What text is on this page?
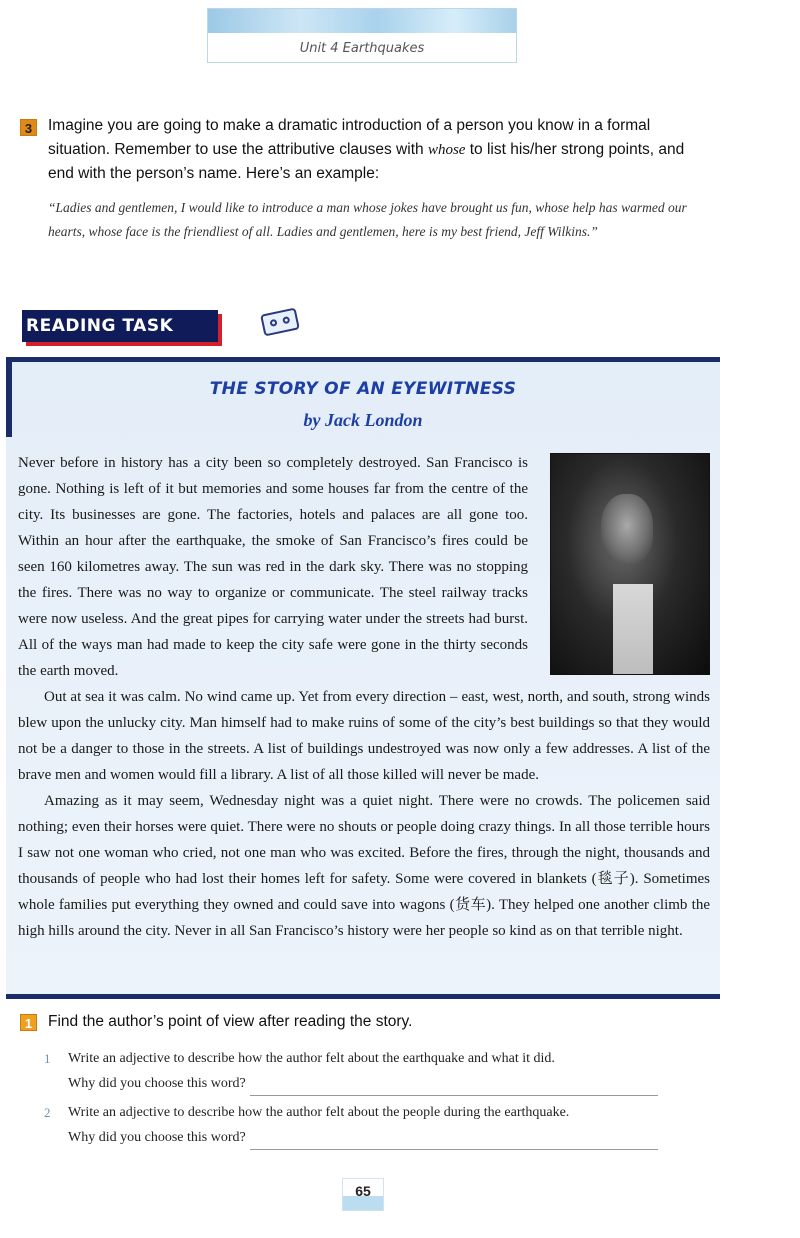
Unit 4 Earthquakes
3	Imagine you are going to make a dramatic introduction of a person you know in a formal situation. Remember to use the attributive clauses with whose to list his/her strong points, and end with the person’s name. Here’s an example:
“Ladies and gentlemen, I would like to introduce a man whose jokes have brought us fun, whose help has warmed our hearts, whose face is the friendliest of all. Ladies and gentlemen, here is my best friend, Jeff Wilkins.”
READING TASK
THE STORY OF AN EYEWITNESS
by Jack London

Never before in history has a city been so completely destroyed. San Francisco is gone. Nothing is left of it but memories and some houses far from the centre of the city. Its businesses are gone. The factories, hotels and palaces are all gone too. Within an hour after the earthquake, the smoke of San Francisco’s fires could be seen 160 kilometres away. The sun was red in the dark sky. There was no stopping the fires. There was no way to organize or communicate. The steel railway tracks were now useless. And the great pipes for carrying water under the streets had burst. All of the ways man had made to keep the city safe were gone in the thirty seconds the earth moved.

Out at sea it was calm. No wind came up. Yet from every direction – east, west, north, and south, strong winds blew upon the unlucky city. Man himself had to make ruins of some of the city’s best buildings so that they would not be a danger to those in the streets. A list of buildings undestroyed was now only a few addresses. A list of the brave men and women would fill a library. A list of all those killed will never be made.

Amazing as it may seem, Wednesday night was a quiet night. There were no crowds. The policemen said nothing; even their horses were quiet. There were no shouts or people doing crazy things. In all those terrible hours I saw not one woman who cried, not one man who was excited. Before the fires, through the night, thousands and thousands of people who had lost their homes left for safety. Some were covered in blankets (毯子). Sometimes whole families put everything they owned and could save into wagons (货车). They helped one another climb the high hills around the city. Never in all San Francisco’s history were her people so kind as on that terrible night.

1	Find the author’s point of view after reading the story.
1 Write an adjective to describe how the author felt about the earthquake and what it did.
Why did you choose this word?
2 Write an adjective to describe how the author felt about the people during the earthquake.
Why did you choose this word?
65
